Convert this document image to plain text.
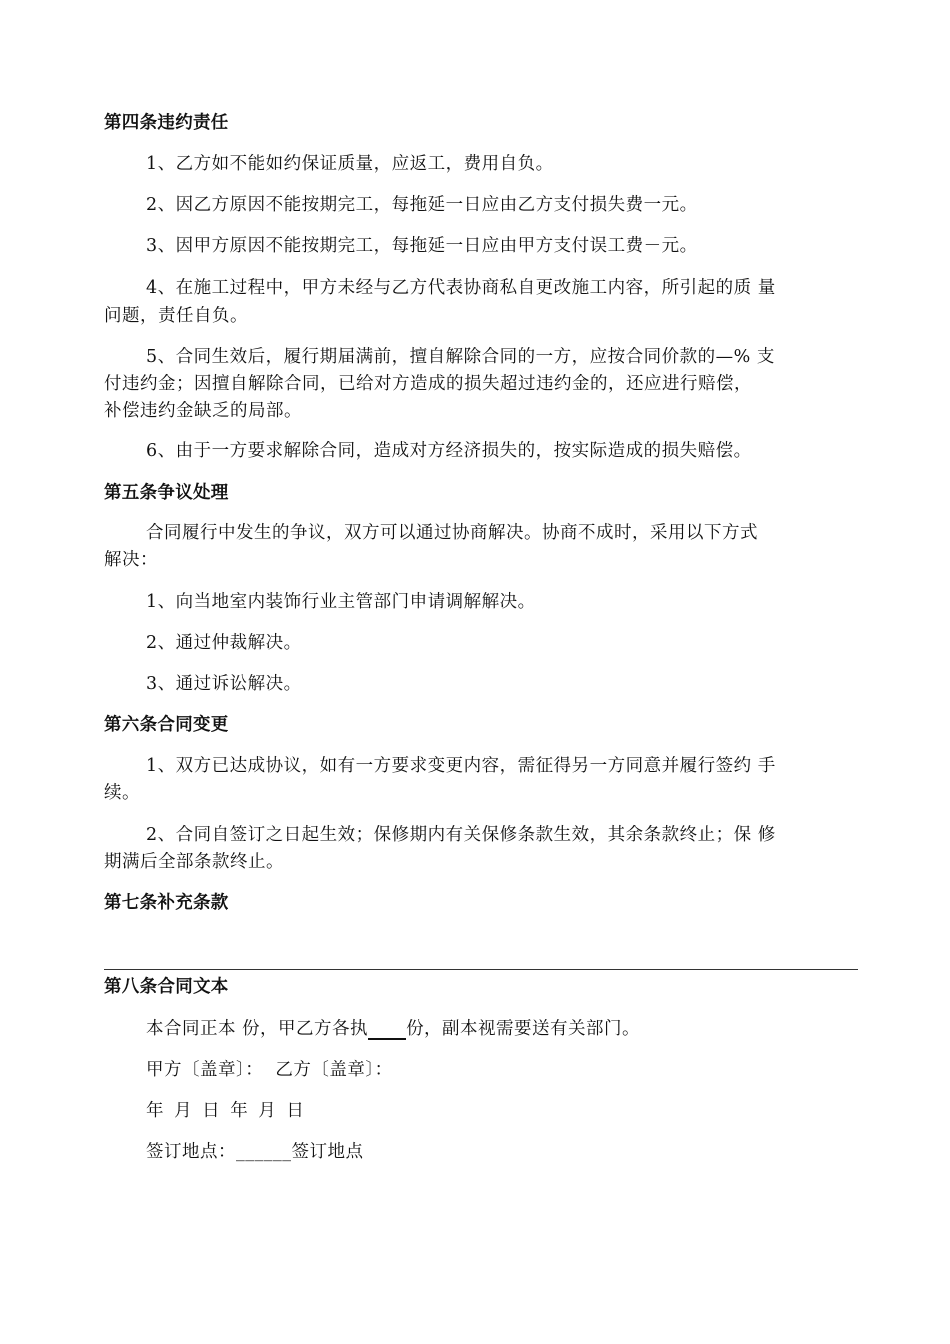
第四条违约责任
1、乙方如不能如约保证质量，应返工，费用自负。
2、因乙方原因不能按期完工，每拖延一日应由乙方支付损失费一元。
3、因甲方原因不能按期完工，每拖延一日应由甲方支付误工费－元。
4、在施工过程中，甲方未经与乙方代表协商私自更改施工内容，所引起的质 量
问题，责任自负。
5、合同生效后，履行期届满前，擅自解除合同的一方，应按合同价款的—% 支
付违约金；因擅自解除合同，已给对方造成的损失超过违约金的，还应进行赔偿，
补偿违约金缺乏的局部。
6、由于一方要求解除合同，造成对方经济损失的，按实际造成的损失赔偿。
第五条争议处理
合同履行中发生的争议，双方可以通过协商解决。协商不成时，采用以下方式
解决：
1、向当地室内装饰行业主管部门申请调解解决。
2、通过仲裁解决。
3、通过诉讼解决。
第六条合同变更
1、双方已达成协议，如有一方要求变更内容，需征得另一方同意并履行签约 手
续。
2、合同自签订之日起生效；保修期内有关保修条款生效，其余条款终止；保 修
期满后全部条款终止。
第七条补充条款
第八条合同文本
本合同正本 份，甲乙方各执 份，副本视需要送有关部门。
甲方〔盖章〕：  乙方〔盖章〕：
年 月 日 年 月 日
签订地点：______签订地点
